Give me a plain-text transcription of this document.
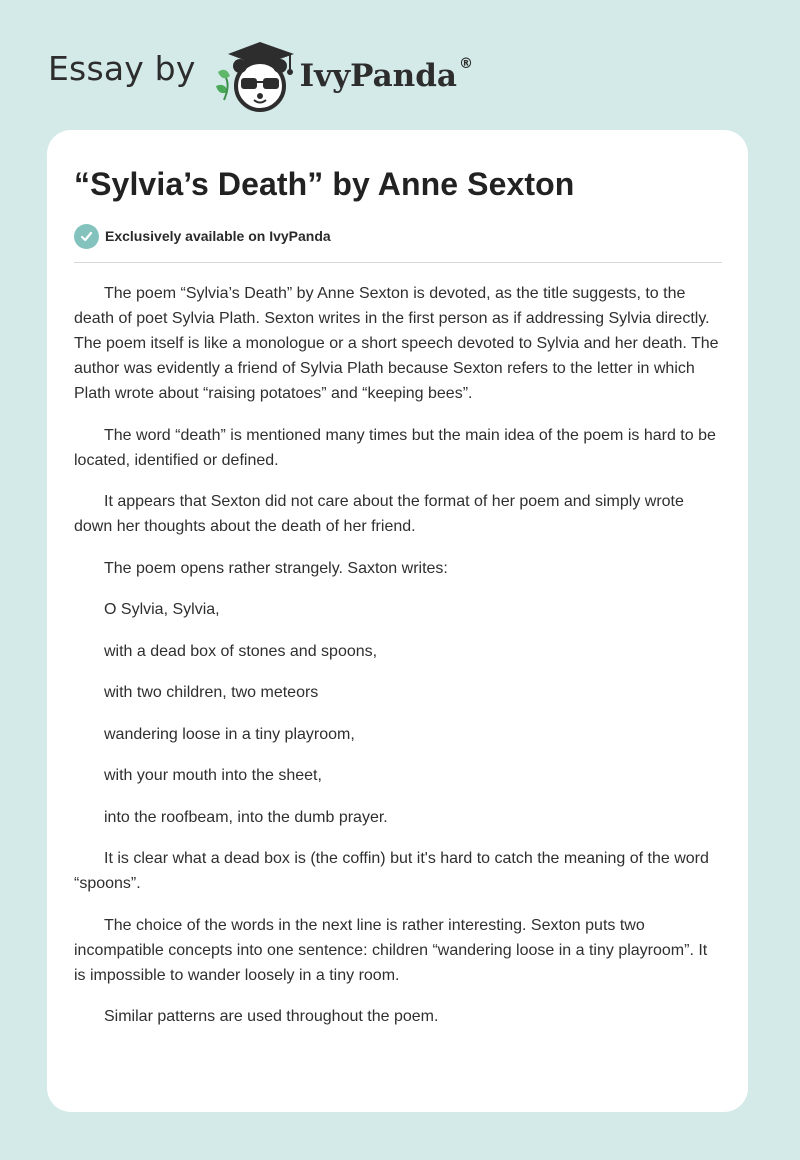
Essay by	IvyPanda ®
“Sylvia’s Death” by Anne Sexton
Exclusively available on IvyPanda

The poem “Sylvia’s Death” by Anne Sexton is devoted, as the title suggests, to the death of poet Sylvia Plath. Sexton writes in the first person as if addressing Sylvia directly. The poem itself is like a monologue or a short speech devoted to Sylvia and her death. The author was evidently a friend of Sylvia Plath because Sexton refers to the letter in which Plath wrote about “raising potatoes” and “keeping bees”.

The word “death” is mentioned many times but the main idea of the poem is hard to be located, identified or defined.

It appears that Sexton did not care about the format of her poem and simply wrote down her thoughts about the death of her friend.

The poem opens rather strangely. Saxton writes:

O Sylvia, Sylvia,

with a dead box of stones and spoons,

with two children, two meteors

wandering loose in a tiny playroom,

with your mouth into the sheet,

into the roofbeam, into the dumb prayer.

It is clear what a dead box is (the coffin) but it's hard to catch the meaning of the word “spoons”.

The choice of the words in the next line is rather interesting. Sexton puts two incompatible concepts into one sentence: children “wandering loose in a tiny playroom”. It is impossible to wander loosely in a tiny room.

Similar patterns are used throughout the poem.
